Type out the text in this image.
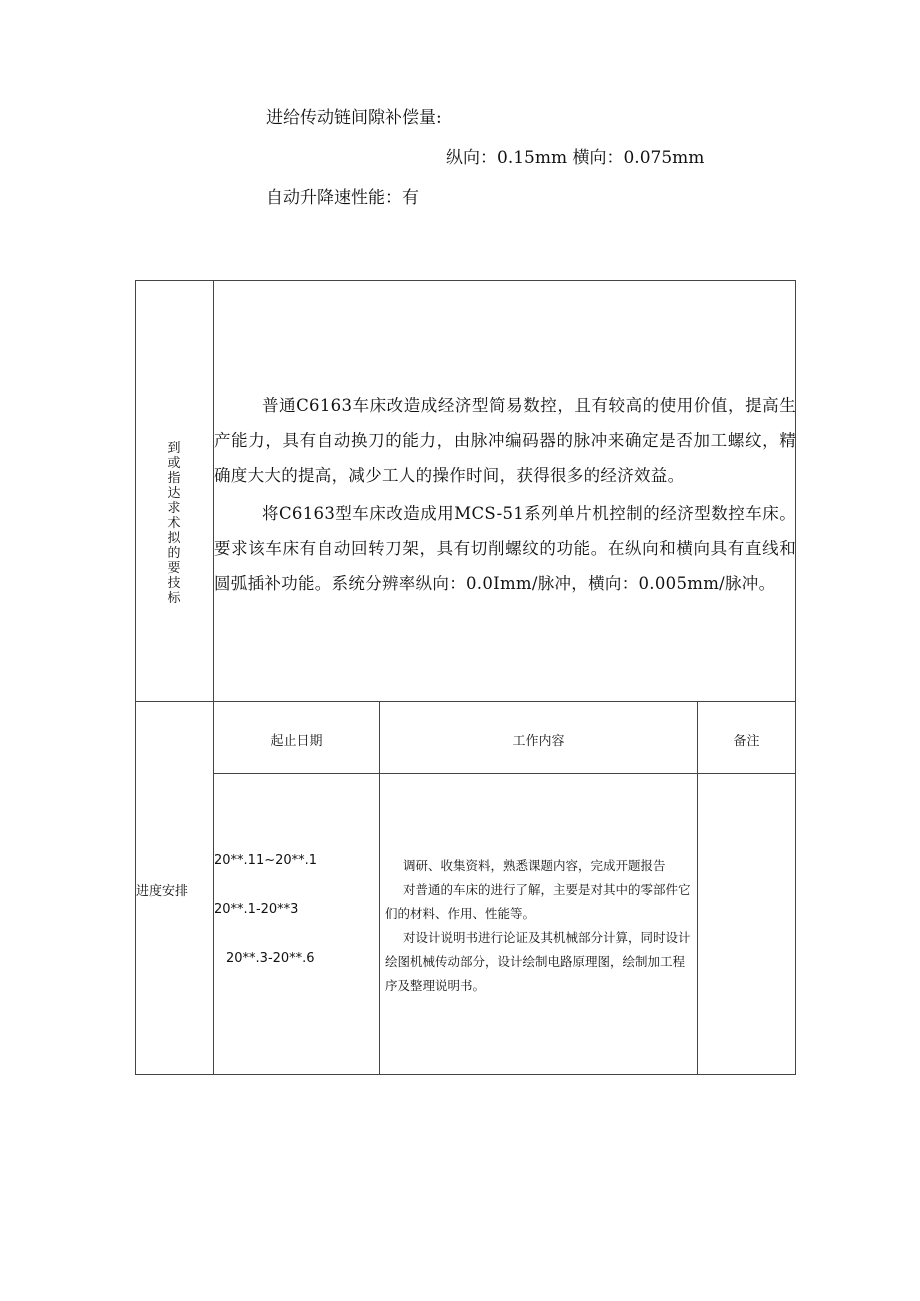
进给传动链间隙补偿量:
纵向：0.15mm 横向：0.075mm
自动升降速性能：有
到
或
指
达
求
术
拟
的
要
技
标
普通C6163车床改造成经济型简易数控，且有较高的使用价值，提高生产能力，具有自动换刀的能力，由脉冲编码器的脉冲来确定是否加工螺纹，精确度大大的提高，减少工人的操作时间，获得很多的经济效益。
将C6163型车床改造成用MCS-51系列单片机控制的经济型数控车床。要求该车床有自动回转刀架，具有切削螺纹的功能。在纵向和横向具有直线和圆弧插补功能。系统分辨率纵向：0.0Imm/脉冲，横向：0.005mm/脉冲。
进度安排
起止日期	工作内容	备注
20**.11~20**.1
20**.1-20**3
20**.3-20**.6

调研、收集资料，熟悉课题内容，完成开题报告

对普通的车床的进行了解，主要是对其中的零部件它们的材料、作用、性能等。

对设计说明书进行论证及其机械部分计算，同时设计绘图机械传动部分，设计绘制电路原理图，绘制加工程序及整理说明书。
